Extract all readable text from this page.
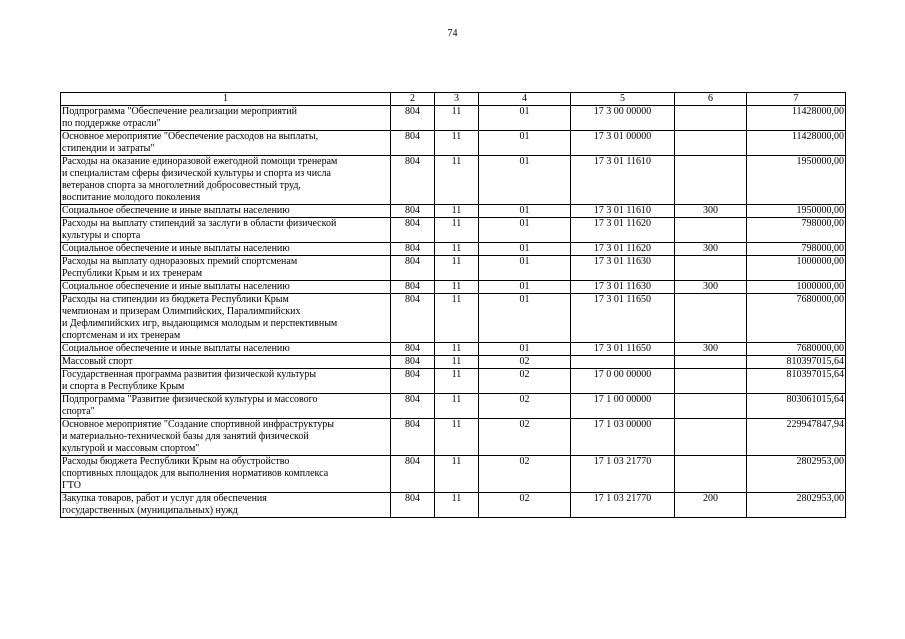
74
1	2	3	4	5	6	7
Подпрограмма "Обеспечение реализации мероприятий
по поддержке отрасли"	804	11	01	17 3 00 00000		11428000,00
Основное мероприятие "Обеспечение расходов на выплаты,
стипендии и затраты"	804	11	01	17 3 01 00000		11428000,00
Расходы на оказание единоразовой ежегодной помощи тренерам
и специалистам сферы физической культуры и спорта из числа
ветеранов спорта за многолетний добросовестный труд,
воспитание молодого поколения	804	11	01	17 3 01 11610		1950000,00
Социальное обеспечение и иные выплаты населению	804	11	01	17 3 01 11610	300	1950000,00
Расходы на выплату стипендий за заслуги в области физической
культуры и спорта	804	11	01	17 3 01 11620		798000,00
Социальное обеспечение и иные выплаты населению	804	11	01	17 3 01 11620	300	798000,00
Расходы на выплату одноразовых премий спортсменам
Республики Крым и их тренерам	804	11	01	17 3 01 11630		1000000,00
Социальное обеспечение и иные выплаты населению	804	11	01	17 3 01 11630	300	1000000,00
Расходы на стипендии из бюджета Республики Крым
чемпионам и призерам Олимпийских, Паралимпийских
и Дефлимпийских игр, выдающимся молодым и перспективным
спортсменам и их тренерам	804	11	01	17 3 01 11650		7680000,00
Социальное обеспечение и иные выплаты населению	804	11	01	17 3 01 11650	300	7680000,00
Массовый спорт	804	11	02			810397015,64
Государственная программа развития физической культуры
и спорта в Республике Крым	804	11	02	17 0 00 00000		810397015,64
Подпрограмма "Развитие физической культуры и массового
спорта"	804	11	02	17 1 00 00000		803061015,64
Основное мероприятие "Создание спортивной инфраструктуры
и материально-технической базы для занятий физической
культурой и массовым спортом"	804	11	02	17 1 03 00000		229947847,94
Расходы бюджета Республики Крым на обустройство
спортивных площадок для выполнения нормативов комплекса
ГТО	804	11	02	17 1 03 21770		2802953,00
Закупка товаров, работ и услуг для обеспечения
государственных (муниципальных) нужд	804	11	02	17 1 03 21770	200	2802953,00
